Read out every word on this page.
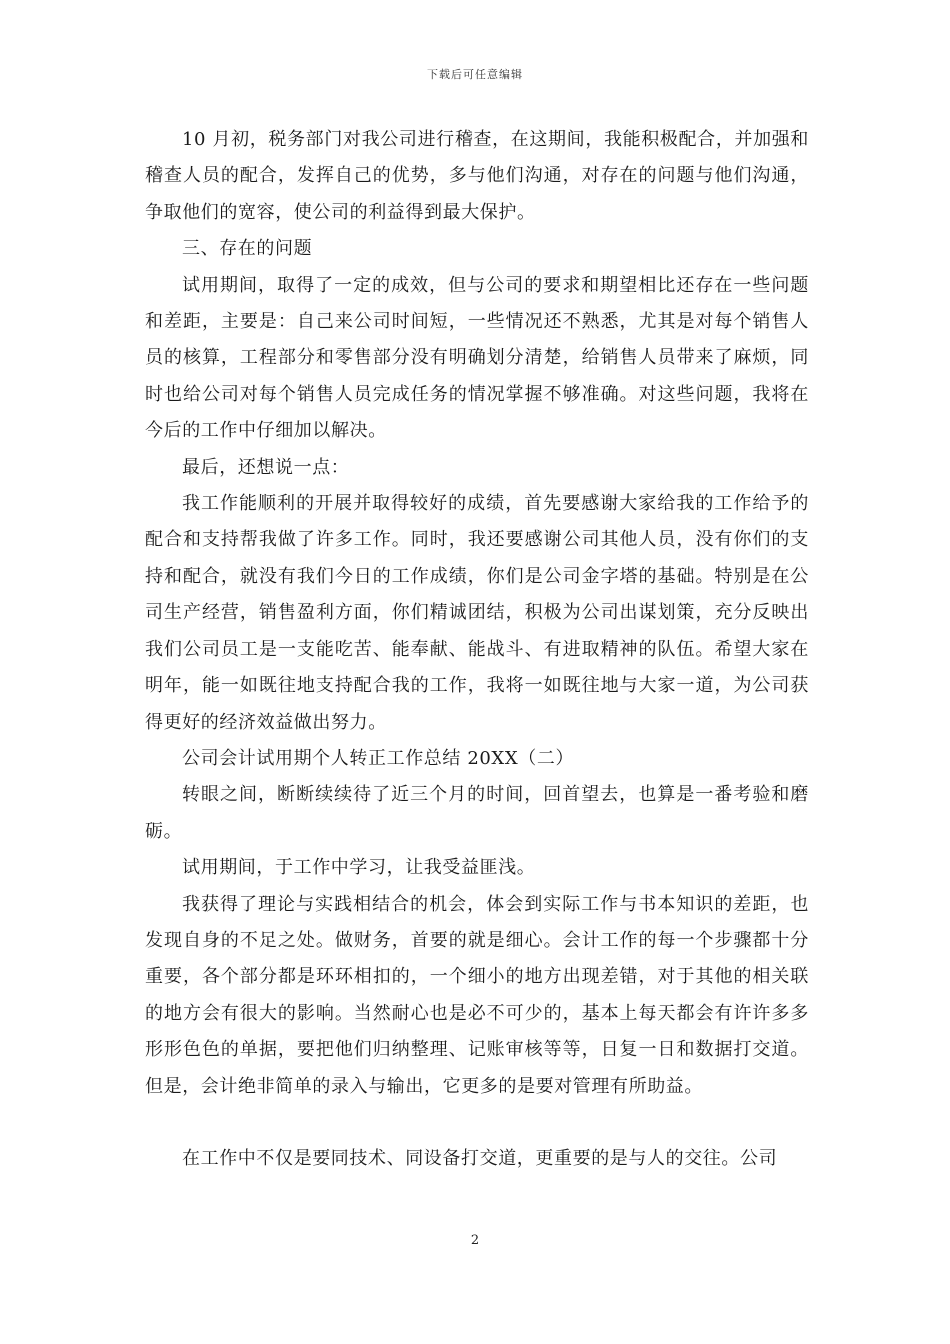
下载后可任意编辑

10 月初，税务部门对我公司进行稽查，在这期间，我能积极配合，并加强和稽查人员的配合，发挥自己的优势，多与他们沟通，对存在的问题与他们沟通，争取他们的宽容，使公司的利益得到最大保护。

三、存在的问题

试用期间，取得了一定的成效，但与公司的要求和期望相比还存在一些问题和差距，主要是：自己来公司时间短，一些情况还不熟悉，尤其是对每个销售人员的核算，工程部分和零售部分没有明确划分清楚，给销售人员带来了麻烦，同时也给公司对每个销售人员完成任务的情况掌握不够准确。对这些问题，我将在今后的工作中仔细加以解决。

最后，还想说一点：

我工作能顺利的开展并取得较好的成绩，首先要感谢大家给我的工作给予的配合和支持帮我做了许多工作。同时，我还要感谢公司其他人员，没有你们的支持和配合，就没有我们今日的工作成绩，你们是公司金字塔的基础。特别是在公司生产经营，销售盈利方面，你们精诚团结，积极为公司出谋划策，充分反映出我们公司员工是一支能吃苦、能奉献、能战斗、有进取精神的队伍。希望大家在明年，能一如既往地支持配合我的工作，我将一如既往地与大家一道，为公司获得更好的经济效益做出努力。

公司会计试用期个人转正工作总结 20XX（二）

转眼之间，断断续续待了近三个月的时间，回首望去，也算是一番考验和磨砺。

试用期间，于工作中学习，让我受益匪浅。

我获得了理论与实践相结合的机会，体会到实际工作与书本知识的差距，也发现自身的不足之处。做财务，首要的就是细心。会计工作的每一个步骤都十分重要，各个部分都是环环相扣的，一个细小的地方出现差错，对于其他的相关联的地方会有很大的影响。当然耐心也是必不可少的，基本上每天都会有许许多多形形色色的单据，要把他们归纳整理、记账审核等等，日复一日和数据打交道。但是，会计绝非简单的录入与输出，它更多的是要对管理有所助益。

在工作中不仅是要同技术、同设备打交道，更重要的是与人的交往。公司

2
